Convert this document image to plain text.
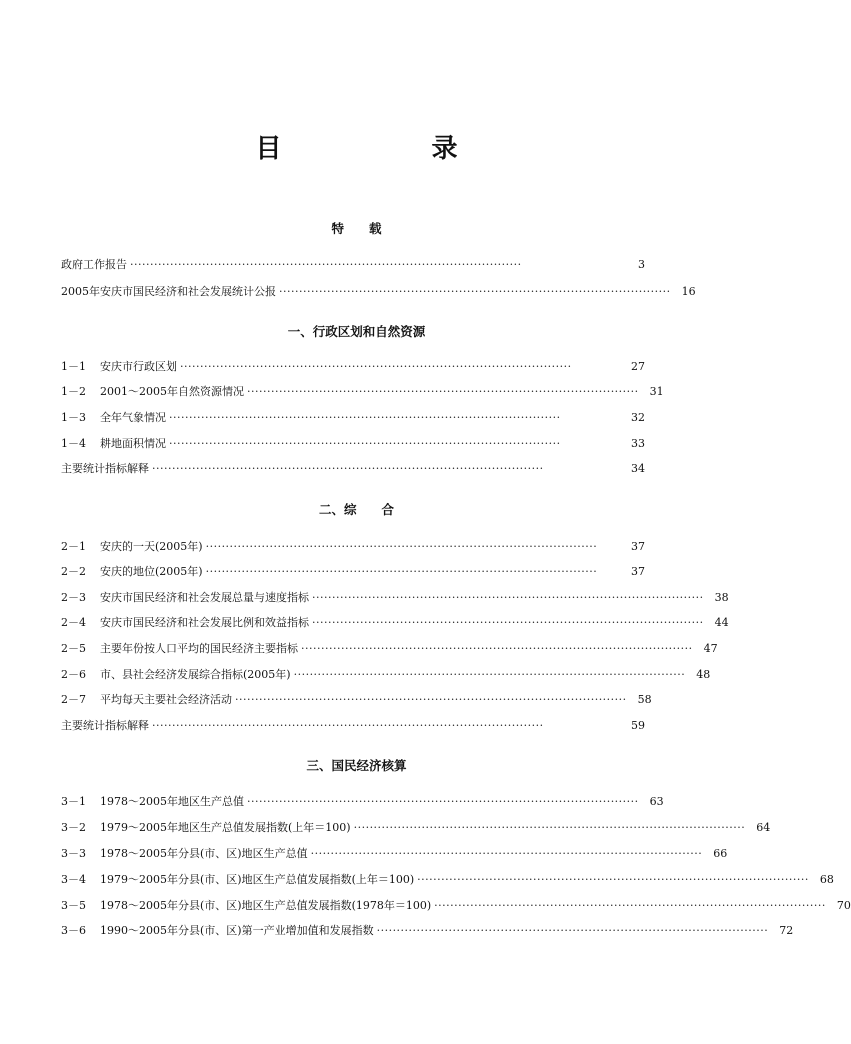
目　录
特　　载
政府工作报告 ··································································································	3
2005年安庆市国民经济和社会发展统计公报 ··································································································	16
一、行政区划和自然资源
1－1	安庆市行政区划 ··································································································	27
1－2	2001～2005年自然资源情况 ··································································································	31
1－3	全年气象情况 ··································································································	32
1－4	耕地面积情况 ··································································································	33
主要统计指标解释 ··································································································	34
二、综　　合
2－1	安庆的一天(2005年) ··································································································	37
2－2	安庆的地位(2005年) ··································································································	37
2－3	安庆市国民经济和社会发展总量与速度指标 ··································································································	38
2－4	安庆市国民经济和社会发展比例和效益指标 ··································································································	44
2－5	主要年份按人口平均的国民经济主要指标 ··································································································	47
2－6	市、县社会经济发展综合指标(2005年) ··································································································	48
2－7	平均每天主要社会经济活动 ··································································································	58
主要统计指标解释 ··································································································	59
三、国民经济核算
3－1	1978～2005年地区生产总值 ··································································································	63
3－2	1979～2005年地区生产总值发展指数(上年＝100) ··································································································	64
3－3	1978～2005年分县(市、区)地区生产总值 ··································································································	66
3－4	1979～2005年分县(市、区)地区生产总值发展指数(上年＝100) ··································································································	68
3－5	1978～2005年分县(市、区)地区生产总值发展指数(1978年＝100) ··································································································	70
3－6	1990～2005年分县(市、区)第一产业增加值和发展指数 ··································································································	72
